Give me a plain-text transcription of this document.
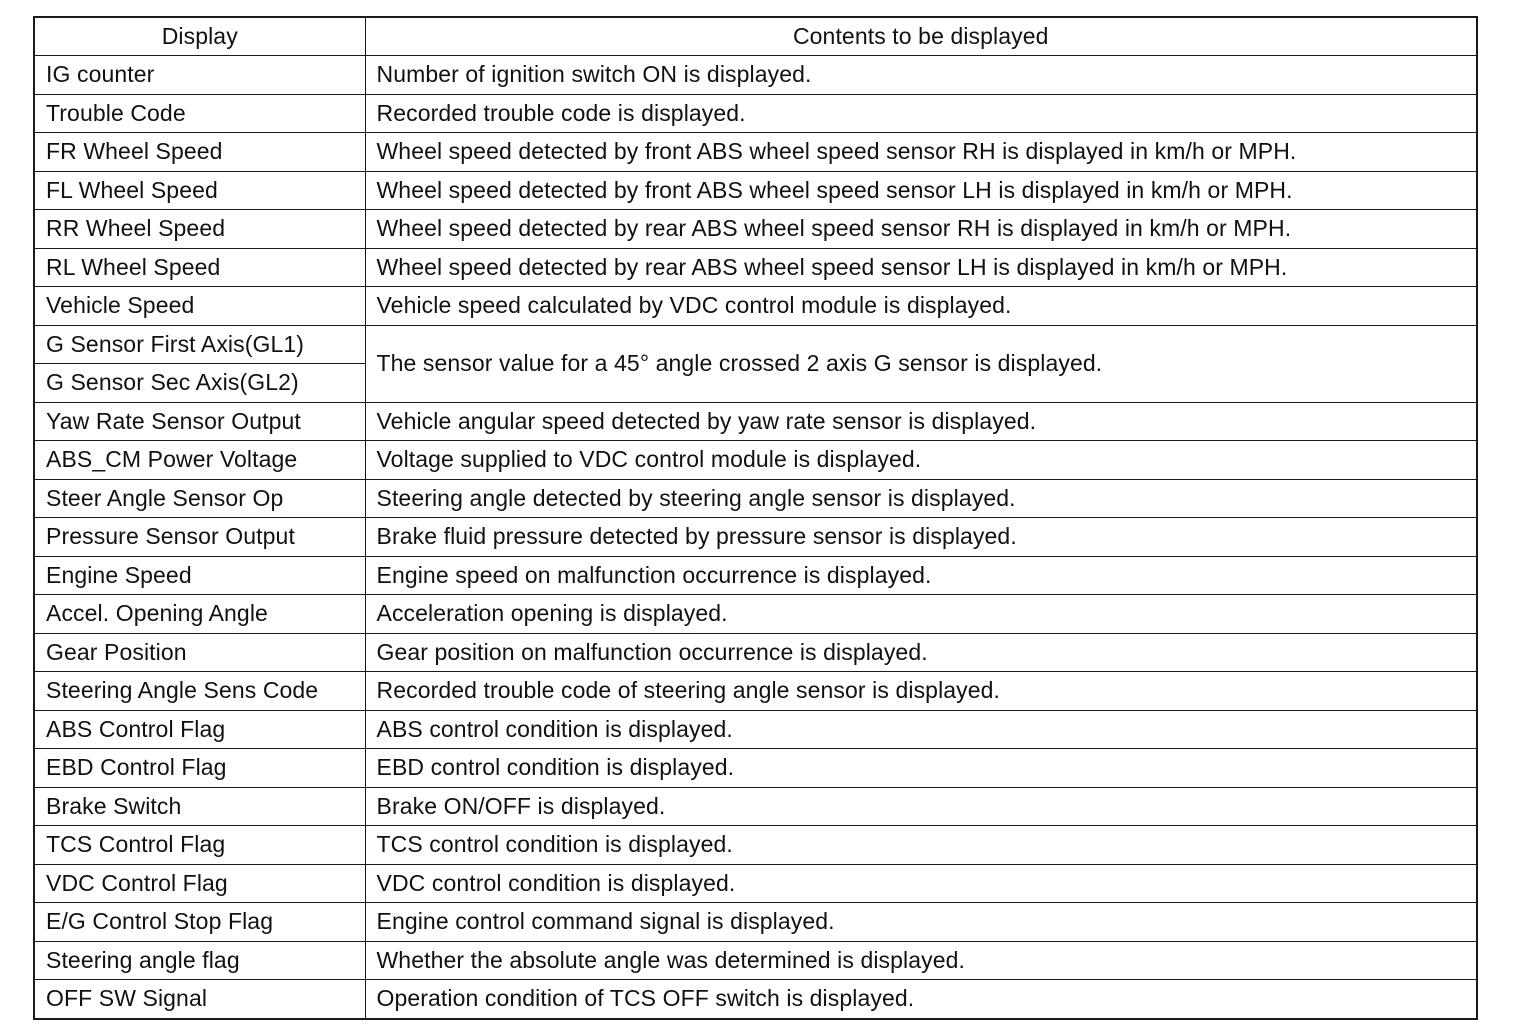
Display	Contents to be displayed
IG counter	Number of ignition switch ON is displayed.
Trouble Code	Recorded trouble code is displayed.
FR Wheel Speed	Wheel speed detected by front ABS wheel speed sensor RH is displayed in km/h or MPH.
FL Wheel Speed	Wheel speed detected by front ABS wheel speed sensor LH is displayed in km/h or MPH.
RR Wheel Speed	Wheel speed detected by rear ABS wheel speed sensor RH is displayed in km/h or MPH.
RL Wheel Speed	Wheel speed detected by rear ABS wheel speed sensor LH is displayed in km/h or MPH.
Vehicle Speed	Vehicle speed calculated by VDC control module is displayed.
G Sensor First Axis(GL1)	The sensor value for a 45° angle crossed 2 axis G sensor is displayed.
G Sensor Sec Axis(GL2)	
Yaw Rate Sensor Output	Vehicle angular speed detected by yaw rate sensor is displayed.
ABS_CM Power Voltage	Voltage supplied to VDC control module is displayed.
Steer Angle Sensor Op	Steering angle detected by steering angle sensor is displayed.
Pressure Sensor Output	Brake fluid pressure detected by pressure sensor is displayed.
Engine Speed	Engine speed on malfunction occurrence is displayed.
Accel. Opening Angle	Acceleration opening is displayed.
Gear Position	Gear position on malfunction occurrence is displayed.
Steering Angle Sens Code	Recorded trouble code of steering angle sensor is displayed.
ABS Control Flag	ABS control condition is displayed.
EBD Control Flag	EBD control condition is displayed.
Brake Switch	Brake ON/OFF is displayed.
TCS Control Flag	TCS control condition is displayed.
VDC Control Flag	VDC control condition is displayed.
E/G Control Stop Flag	Engine control command signal is displayed.
Steering angle flag	Whether the absolute angle was determined is displayed.
OFF SW Signal	Operation condition of TCS OFF switch is displayed.
